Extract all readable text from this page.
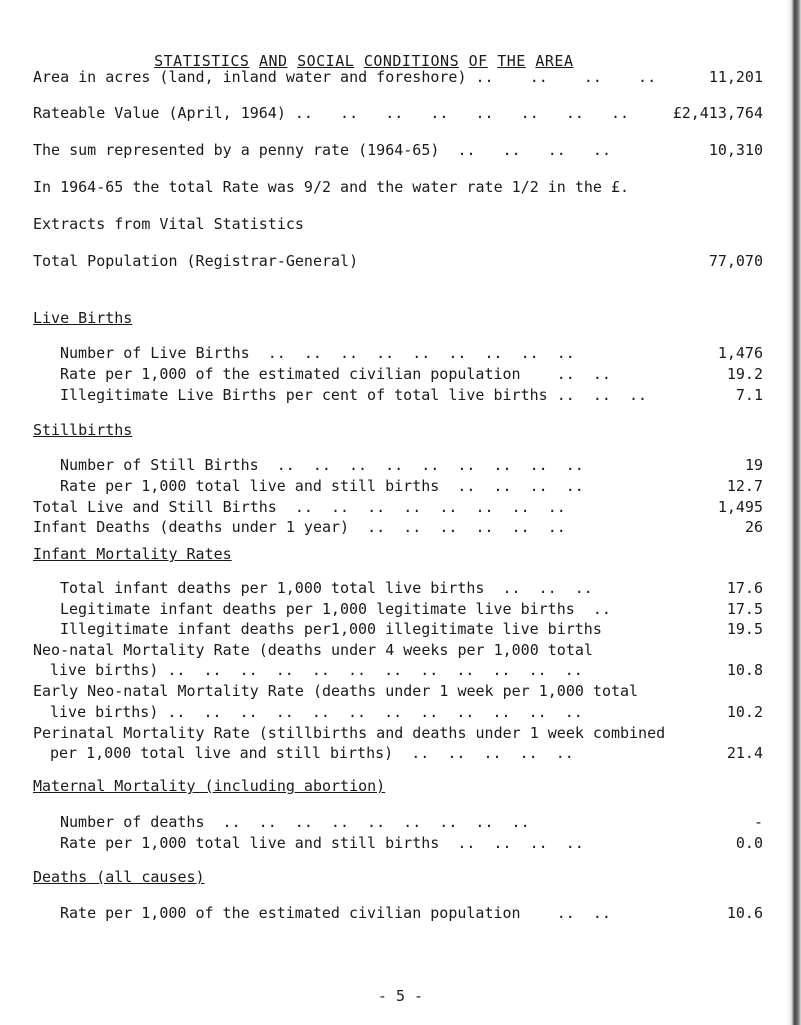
STATISTICS AND SOCIAL CONDITIONS OF THE AREA

Area in acres (land, inland water and foreshore) ..    ..    ..    ..	11,201
Rateable Value (April, 1964) ..   ..   ..   ..   ..   ..   ..   ..	£2,413,764
The sum represented by a penny rate (1964-65)  ..   ..   ..   ..	10,310
In 1964-65 the total Rate was 9/2 and the water rate 1/2 in the £.
Extracts from Vital Statistics
Total Population (Registrar-General)	77,070
Live Births
Number of Live Births  ..  ..  ..  ..  ..  ..  ..  ..  ..	1,476
Rate per 1,000 of the estimated civilian population    ..  ..	19.2
Illegitimate Live Births per cent of total live births ..  ..  ..	7.1
Stillbirths
Number of Still Births  ..  ..  ..  ..  ..  ..  ..  ..  ..	19
Rate per 1,000 total live and still births  ..  ..  ..  ..	12.7
Total Live and Still Births  ..  ..  ..  ..  ..  ..  ..  ..	1,495
Infant Deaths (deaths under 1 year)  ..  ..  ..  ..  ..  ..	26
Infant Mortality Rates
Total infant deaths per 1,000 total live births  ..  ..  ..	17.6
Legitimate infant deaths per 1,000 legitimate live births  ..	17.5
Illegitimate infant deaths per1,000 illegitimate live births	19.5
Neo-natal Mortality Rate (deaths under 4 weeks per 1,000 total
live births) ..  ..  ..  ..  ..  ..  ..  ..  ..  ..  ..  ..	10.8
Early Neo-natal Mortality Rate (deaths under 1 week per 1,000 total
live births) ..  ..  ..  ..  ..  ..  ..  ..  ..  ..  ..  ..	10.2
Perinatal Mortality Rate (stillbirths and deaths under 1 week combined
per 1,000 total live and still births)  ..  ..  ..  ..  ..	21.4
Maternal Mortality (including abortion)
Number of deaths  ..  ..  ..  ..  ..  ..  ..  ..  ..	-
Rate per 1,000 total live and still births  ..  ..  ..  ..	0.0
Deaths (all causes)
Rate per 1,000 of the estimated civilian population    ..  ..	10.6
- 5 -
